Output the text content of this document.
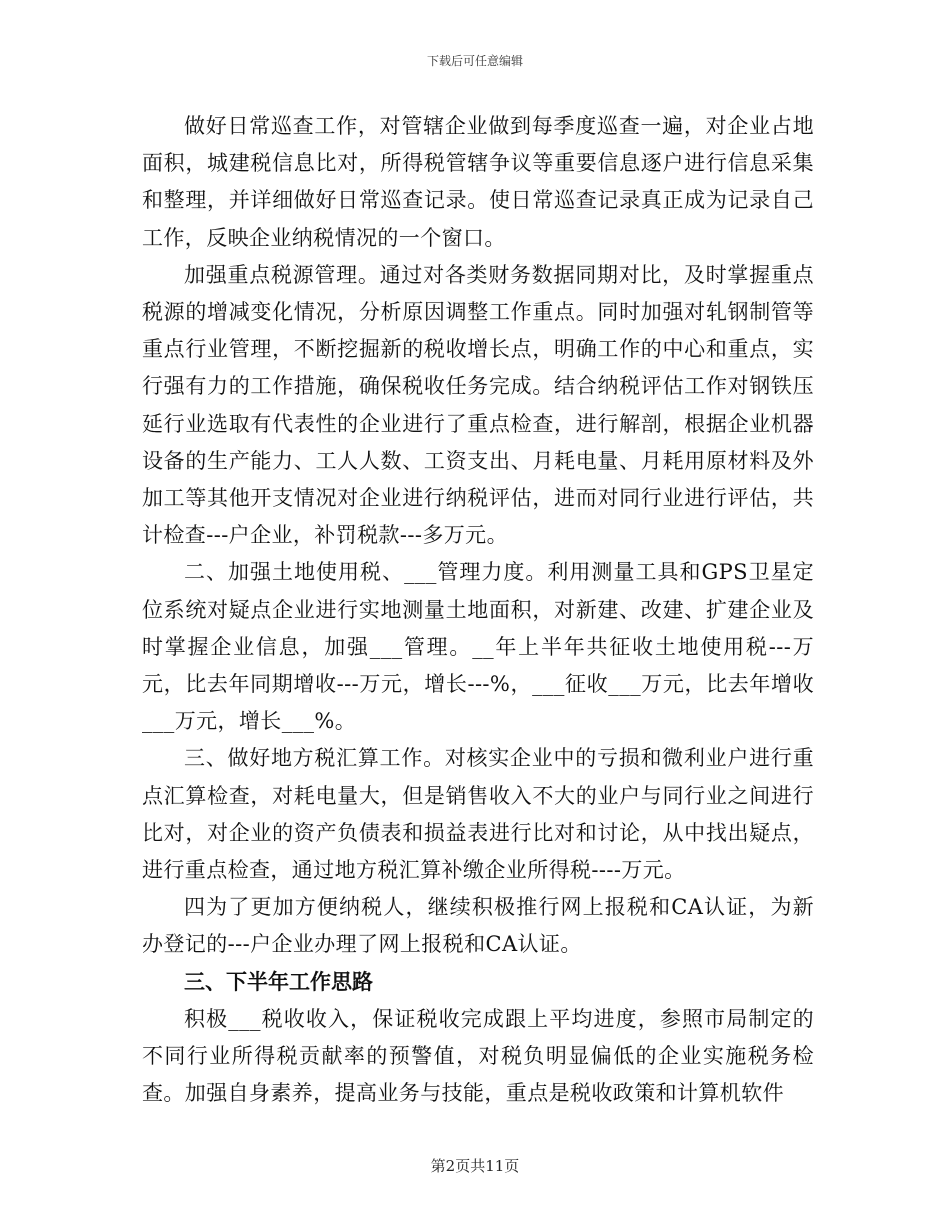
下载后可任意编辑

做好日常巡查工作，对管辖企业做到每季度巡查一遍，对企业占地面积，城建税信息比对，所得税管辖争议等重要信息逐户进行信息采集和整理，并详细做好日常巡查记录。使日常巡查记录真正成为记录自己工作，反映企业纳税情况的一个窗口。

加强重点税源管理。通过对各类财务数据同期对比，及时掌握重点税源的增减变化情况，分析原因调整工作重点。同时加强对轧钢制管等重点行业管理，不断挖掘新的税收增长点，明确工作的中心和重点，实行强有力的工作措施，确保税收任务完成。结合纳税评估工作对钢铁压延行业选取有代表性的企业进行了重点检查，进行解剖，根据企业机器设备的生产能力、工人人数、工资支出、月耗电量、月耗用原材料及外加工等其他开支情况对企业进行纳税评估，进而对同行业进行评估，共计检查---户企业，补罚税款---多万元。

二、加强土地使用税、___管理力度。利用测量工具和GPS卫星定位系统对疑点企业进行实地测量土地面积，对新建、改建、扩建企业及时掌握企业信息，加强___管理。__年上半年共征收土地使用税---万元，比去年同期增收---万元，增长---%，___征收___万元，比去年增收___万元，增长___%。

三、做好地方税汇算工作。对核实企业中的亏损和微利业户进行重点汇算检查，对耗电量大，但是销售收入不大的业户与同行业之间进行比对，对企业的资产负债表和损益表进行比对和讨论，从中找出疑点，进行重点检查，通过地方税汇算补缴企业所得税----万元。

四为了更加方便纳税人，继续积极推行网上报税和CA认证，为新办登记的---户企业办理了网上报税和CA认证。

三、下半年工作思路

积极___税收收入，保证税收完成跟上平均进度，参照市局制定的不同行业所得税贡献率的预警值，对税负明显偏低的企业实施税务检查。加强自身素养，提高业务与技能，重点是税收政策和计算机软件

第2页共11页
